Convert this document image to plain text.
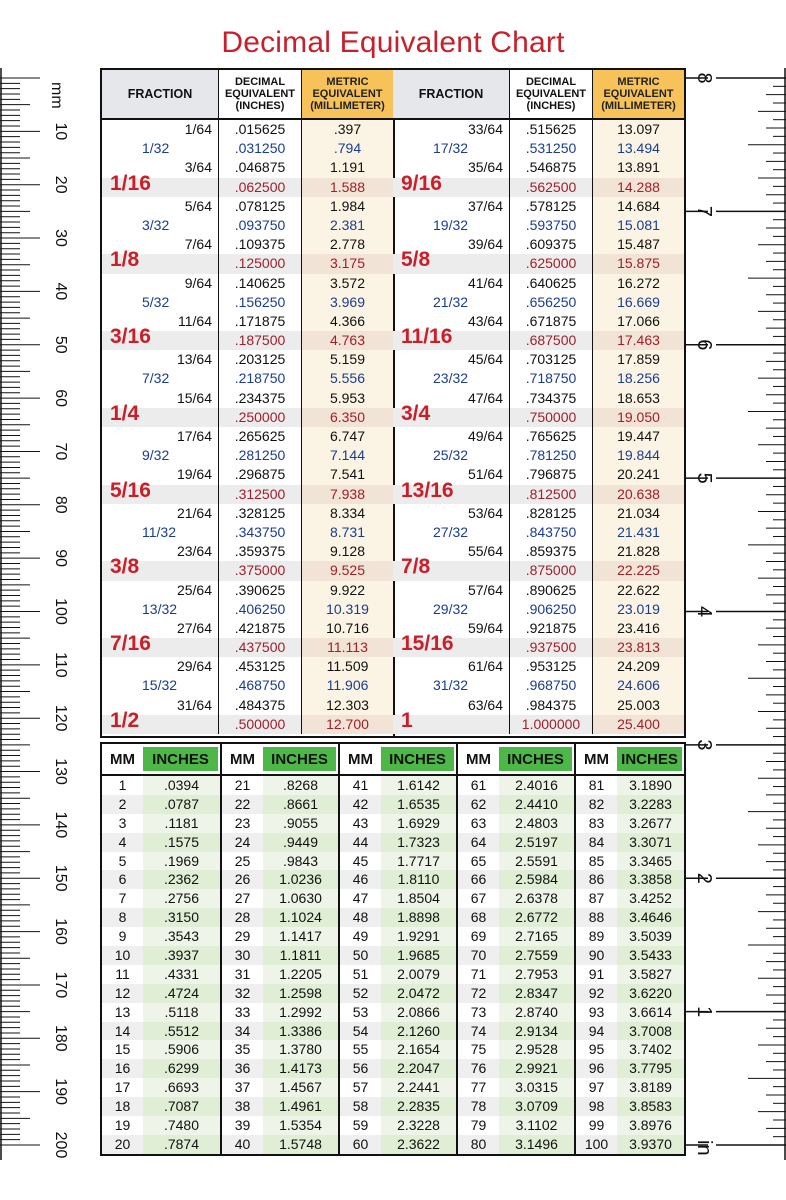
Decimal Equivalent Chart
mm
10
20
30
40
50
60
70
80
90
100
110
120
130
140
150
160
170
180
190
200	in
1
2
3
4
5
6
7
8
FRACTION
DECIMAL
EQUIVALENT
(INCHES)
METRIC
EQUIVALENT
(MILLIMETER)
1/64	.015625	.397
1/32	.031250	.794
3/64	.046875	1.191
1/16	.062500	1.588
5/64	.078125	1.984
3/32	.093750	2.381
7/64	.109375	2.778
1/8	.125000	3.175
9/64	.140625	3.572
5/32	.156250	3.969
11/64	.171875	4.366
3/16	.187500	4.763
13/64	.203125	5.159
7/32	.218750	5.556
15/64	.234375	5.953
1/4	.250000	6.350
17/64	.265625	6.747
9/32	.281250	7.144
19/64	.296875	7.541
5/16	.312500	7.938
21/64	.328125	8.334
11/32	.343750	8.731
23/64	.359375	9.128
3/8	.375000	9.525
25/64	.390625	9.922
13/32	.406250	10.319
27/64	.421875	10.716
7/16	.437500	11.113
29/64	.453125	11.509
15/32	.468750	11.906
31/64	.484375	12.303
1/2	.500000	12.700
FRACTION
DECIMAL
EQUIVALENT
(INCHES)
METRIC
EQUIVALENT
(MILLIMETER)
33/64	.515625	13.097
17/32	.531250	13.494
35/64	.546875	13.891
9/16	.562500	14.288
37/64	.578125	14.684
19/32	.593750	15.081
39/64	.609375	15.487
5/8	.625000	15.875
41/64	.640625	16.272
21/32	.656250	16.669
43/64	.671875	17.066
11/16	.687500	17.463
45/64	.703125	17.859
23/32	.718750	18.256
47/64	.734375	18.653
3/4	.750000	19.050
49/64	.765625	19.447
25/32	.781250	19.844
51/64	.796875	20.241
13/16	.812500	20.638
53/64	.828125	21.034
27/32	.843750	21.431
55/64	.859375	21.828
7/8	.875000	22.225
57/64	.890625	22.622
29/32	.906250	23.019
59/64	.921875	23.416
15/16	.937500	23.813
61/64	.953125	24.209
31/32	.968750	24.606
63/64	.984375	25.003
1	1.000000	25.400
MM	INCHES
1	.0394
2	.0787
3	.1181
4	.1575
5	.1969
6	.2362
7	.2756
8	.3150
9	.3543
10	.3937
11	.4331
12	.4724
13	.5118
14	.5512
15	.5906
16	.6299
17	.6693
18	.7087
19	.7480
20	.7874
MM	INCHES
21	.8268
22	.8661
23	.9055
24	.9449
25	.9843
26	1.0236
27	1.0630
28	1.1024
29	1.1417
30	1.1811
31	1.2205
32	1.2598
33	1.2992
34	1.3386
35	1.3780
36	1.4173
37	1.4567
38	1.4961
39	1.5354
40	1.5748
MM	INCHES
41	1.6142
42	1.6535
43	1.6929
44	1.7323
45	1.7717
46	1.8110
47	1.8504
48	1.8898
49	1.9291
50	1.9685
51	2.0079
52	2.0472
53	2.0866
54	2.1260
55	2.1654
56	2.2047
57	2.2441
58	2.2835
59	2.3228
60	2.3622
MM	INCHES
61	2.4016
62	2.4410
63	2.4803
64	2.5197
65	2.5591
66	2.5984
67	2.6378
68	2.6772
69	2.7165
70	2.7559
71	2.7953
72	2.8347
73	2.8740
74	2.9134
75	2.9528
76	2.9921
77	3.0315
78	3.0709
79	3.1102
80	3.1496
MM INCHES
81	3.1890
82	3.2283
83	3.2677
84	3.3071
85	3.3465
86	3.3858
87	3.4252
88	3.4646
89	3.5039
90	3.5433
91	3.5827
92	3.6220
93	3.6614
94	3.7008
95	3.7402
96	3.7795
97	3.8189
98	3.8583
99	3.8976
100	3.9370
